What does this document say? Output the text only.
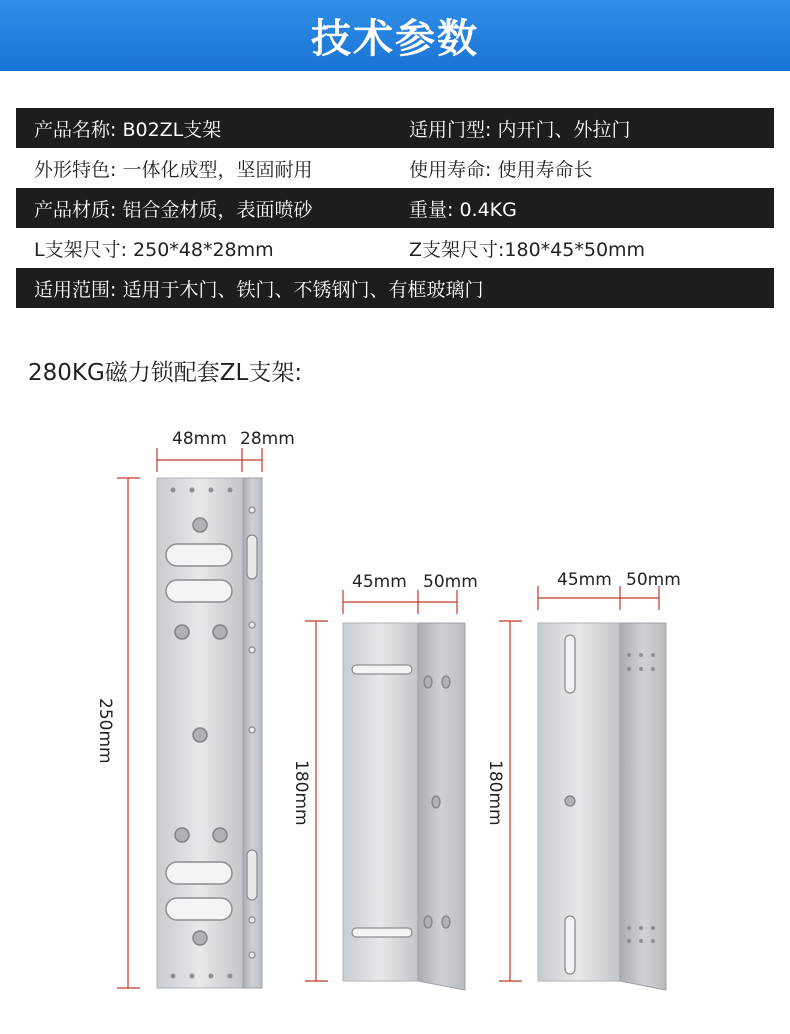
技术参数
产品名称: B02ZL支架	适用门型: 内开门、外拉门
外形特色: 一体化成型，坚固耐用	使用寿命: 使用寿命长
产品材质: 铝合金材质，表面喷砂	重量: 0.4KG
L支架尺寸: 250*48*28mm	Z支架尺寸:180*45*50mm
适用范围: 适用于木门、铁门、不锈钢门、有框玻璃门
280KG磁力锁配套ZL支架:
48mm 28mm
250mm
45mm 50mm
180mm
45mm 50mm
180mm
